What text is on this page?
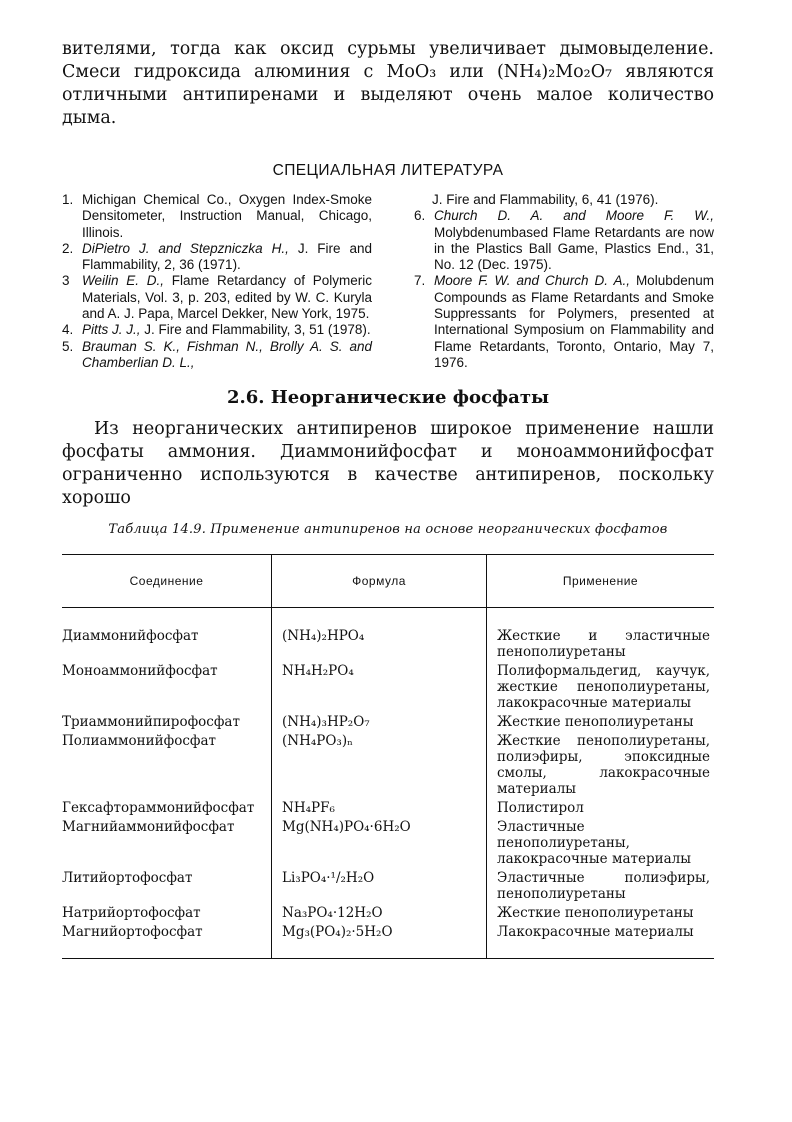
вителями, тогда как оксид сурьмы увеличивает дымовыделение. Смеси гидроксида алюминия с MoO₃ или (NH₄)₂Mo₂O₇ являются отличными антипиренами и выделяют очень малое количество дыма.

СПЕЦИАЛЬНАЯ ЛИТЕРАТУРА
1. Michigan Chemical Co., Oxygen Index-Smoke Densitometer, Instruction Manual, Chicago, Illinois.
2. DiPietro J. and Stepzniczka H., J. Fire and Flammability, 2, 36 (1971).
3 Weilin E. D., Flame Retardancy of Polymeric Materials, Vol. 3, p. 203, edited by W. C. Kuryla and A. J. Papa, Marcel Dekker, New York, 1975.
4. Pitts J. J., J. Fire and Flammability, 3, 51 (1978).
5. Brauman S. K., Fishman N., Brolly A. S. and Chamberlian D. L.,
J. Fire and Flammability, 6, 41 (1976).
6. Church D. A. and Moore F. W., Molybdenumbased Flame Retardants are now in the Plastics Ball Game, Plastics End., 31, No. 12 (Dec. 1975).
7. Moore F. W. and Church D. A., Molubdenum Compounds as Flame Retardants and Smoke Suppressants for Polymers, presented at International Symposium on Flammability and Flame Retardants, Toronto, Ontario, May 7, 1976.
2.6. Неорганические фосфаты

Из неорганических антипиренов широкое применение нашли фосфаты аммония. Диаммонийфосфат и моноаммонийфосфат ограниченно используются в качестве антипиренов, поскольку хорошо

Таблица 14.9. Применение антипиренов на основе неорганических фосфатов
Соединение	Формула	Применение
Диаммонийфосфат	(NH₄)₂HPO₄	Жесткие и эластичные пенополиуретаны
Моноаммонийфосфат	NH₄H₂PO₄	Полиформальдегид, каучук, жесткие пенополиуретаны, лакокрасочные материалы
Триаммонийпирофосфат	(NH₄)₃HP₂O₇	Жесткие пенополиуретаны
Полиаммонийфосфат	(NH₄PO₃)ₙ	Жесткие пенополиуретаны, полиэфиры, эпоксидные смолы, лакокрасочные материалы
Гексафтораммонийфосфат	NH₄PF₆	Полистирол
Магнийаммонийфосфат	Mg(NH₄)PO₄·6H₂O	Эластичные пенополиуретаны, лакокрасочные материалы
Литийортофосфат	Li₃PO₄·¹/₂H₂O	Эластичные полиэфиры, пенополиуретаны
Натрийортофосфат	Na₃PO₄·12H₂O	Жесткие пенополиуретаны
Магнийортофосфат	Mg₃(PO₄)₂·5H₂O	Лакокрасочные материалы
